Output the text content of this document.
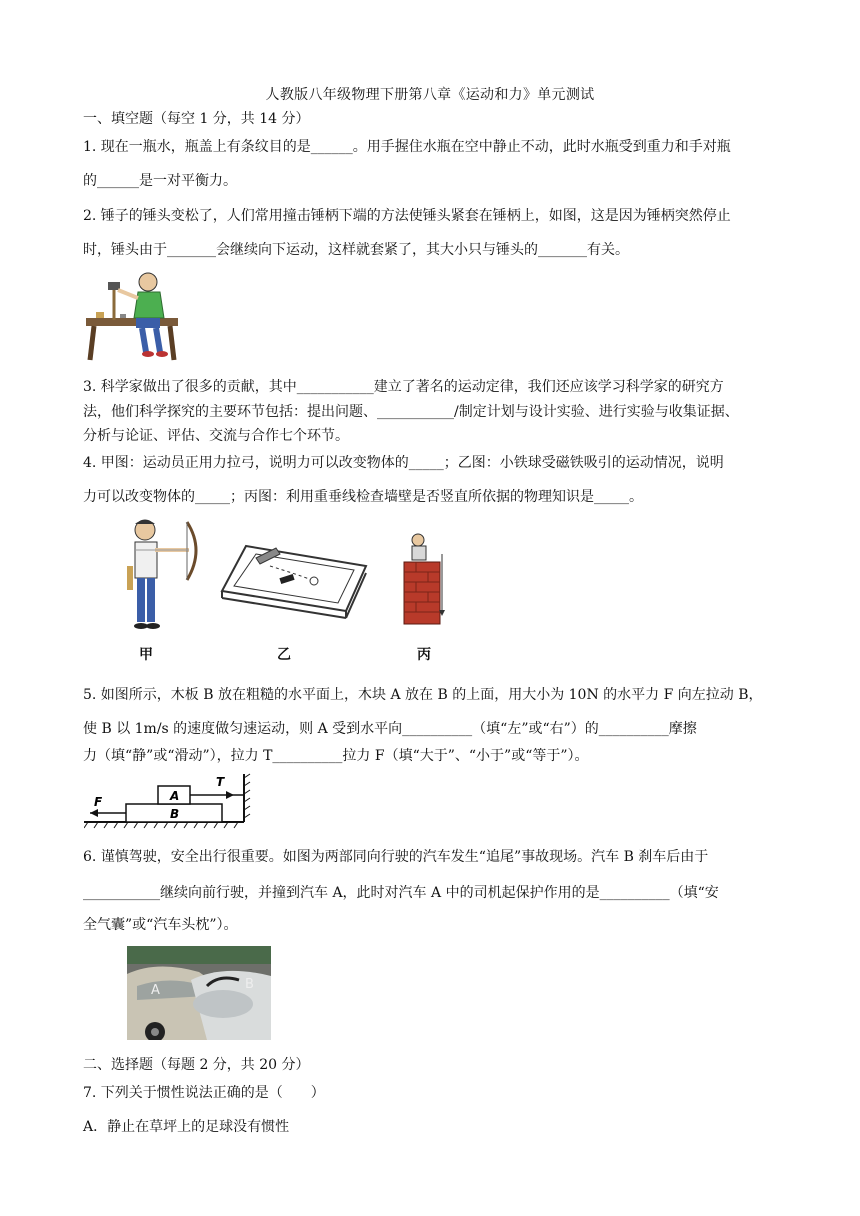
人教版八年级物理下册第八章《运动和力》单元测试
一、填空题（每空 1 分，共 14 分）
1. 现在一瓶水，瓶盖上有条纹目的是______。用手握住水瓶在空中静止不动，此时水瓶受到重力和手对瓶
的______是一对平衡力。
2. 锤子的锤头变松了，人们常用撞击锤柄下端的方法使锤头紧套在锤柄上，如图，这是因为锤柄突然停止
时，锤头由于_______会继续向下运动，这样就套紧了，其大小只与锤头的_______有关。
3. 科学家做出了很多的贡献，其中___________建立了著名的运动定律，我们还应该学习科学家的研究方
法，他们科学探究的主要环节包括：提出问题、___________/制定计划与设计实验、进行实验与收集证据、
分析与论证、评估、交流与合作七个环节。
4. 甲图：运动员正用力拉弓，说明力可以改变物体的_____；乙图：小铁球受磁铁吸引的运动情况，说明
力可以改变物体的_____；丙图：利用重垂线检查墙壁是否竖直所依据的物理知识是_____。
甲	乙	丙
5. 如图所示，木板 B 放在粗糙的水平面上，木块 A 放在 B 的上面，用大小为 10N 的水平力 F 向左拉动 B，
使 B 以 1m/s 的速度做匀速运动，则 A 受到水平向__________（填“左”或“右”）的__________摩擦
力（填“静”或“滑动”），拉力 T__________拉力 F（填“大于”、“小于”或“等于”）。
A
B
F
T
6. 谨慎驾驶，安全出行很重要。如图为两部同向行驶的汽车发生“追尾”事故现场。汽车 B 刹车后由于
___________继续向前行驶，并撞到汽车 A，此时对汽车 A 中的司机起保护作用的是__________（填“安
全气囊”或“汽车头枕”）。
A	B
二、选择题（每题 2 分，共 20 分）
7. 下列关于惯性说法正确的是（　　）
A．静止在草坪上的足球没有惯性
